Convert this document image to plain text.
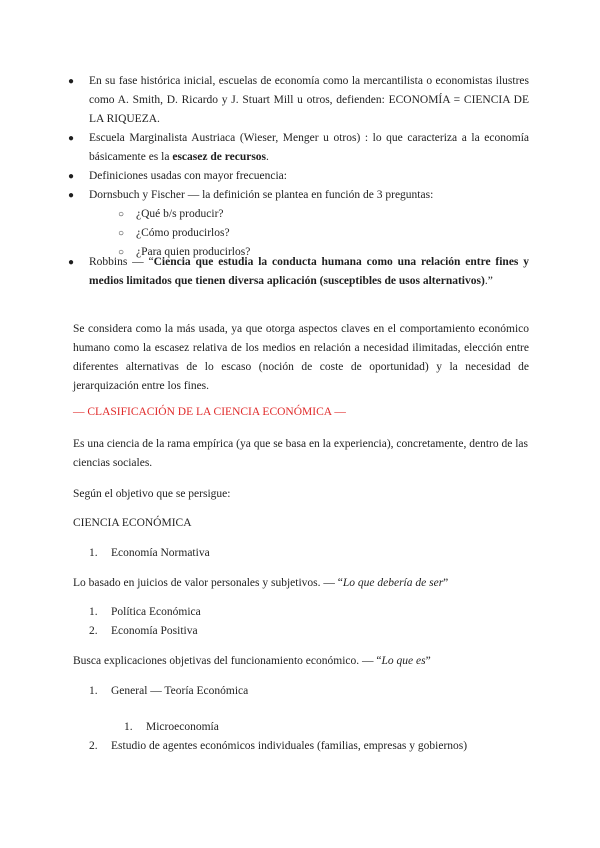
● En su fase histórica inicial, escuelas de economía como la mercantilista o economistas ilustres como A. Smith, D. Ricardo y J. Stuart Mill u otros, defienden: ECONOMÍA = CIENCIA DE LA RIQUEZA.
● Escuela Marginalista Austriaca (Wieser, Menger u otros) : lo que caracteriza a la economía básicamente es la escasez de recursos.
● Definiciones usadas con mayor frecuencia:
● Dornsbuch y Fischer — la definición se plantea en función de 3 preguntas:
○ ¿Qué b/s producir?
○ ¿Cómo producirlos?
○ ¿Para quien producirlos?
● Robbins — “Ciencia que estudia la conducta humana como una relación entre fines y medios limitados que tienen diversa aplicación (susceptibles de usos alternativos).”
Se considera como la más usada, ya que otorga aspectos claves en el comportamiento económico humano como la escasez relativa de los medios en relación a necesidad ilimitadas, elección entre diferentes alternativas de lo escaso (noción de coste de oportunidad) y la necesidad de jerarquización entre los fines.
— CLASIFICACIÓN DE LA CIENCIA ECONÓMICA —
Es una ciencia de la rama empírica (ya que se basa en la experiencia), concretamente, dentro de las ciencias sociales.
Según el objetivo que se persigue:
CIENCIA ECONÓMICA
1. Economía Normativa
Lo basado en juicios de valor personales y subjetivos. — “Lo que debería de ser”
1. Política Económica
2. Economía Positiva
Busca explicaciones objetivas del funcionamiento económico. — “Lo que es”
1. General — Teoría Económica
1. Microeconomía
2. Estudio de agentes económicos individuales (familias, empresas y gobiernos)
